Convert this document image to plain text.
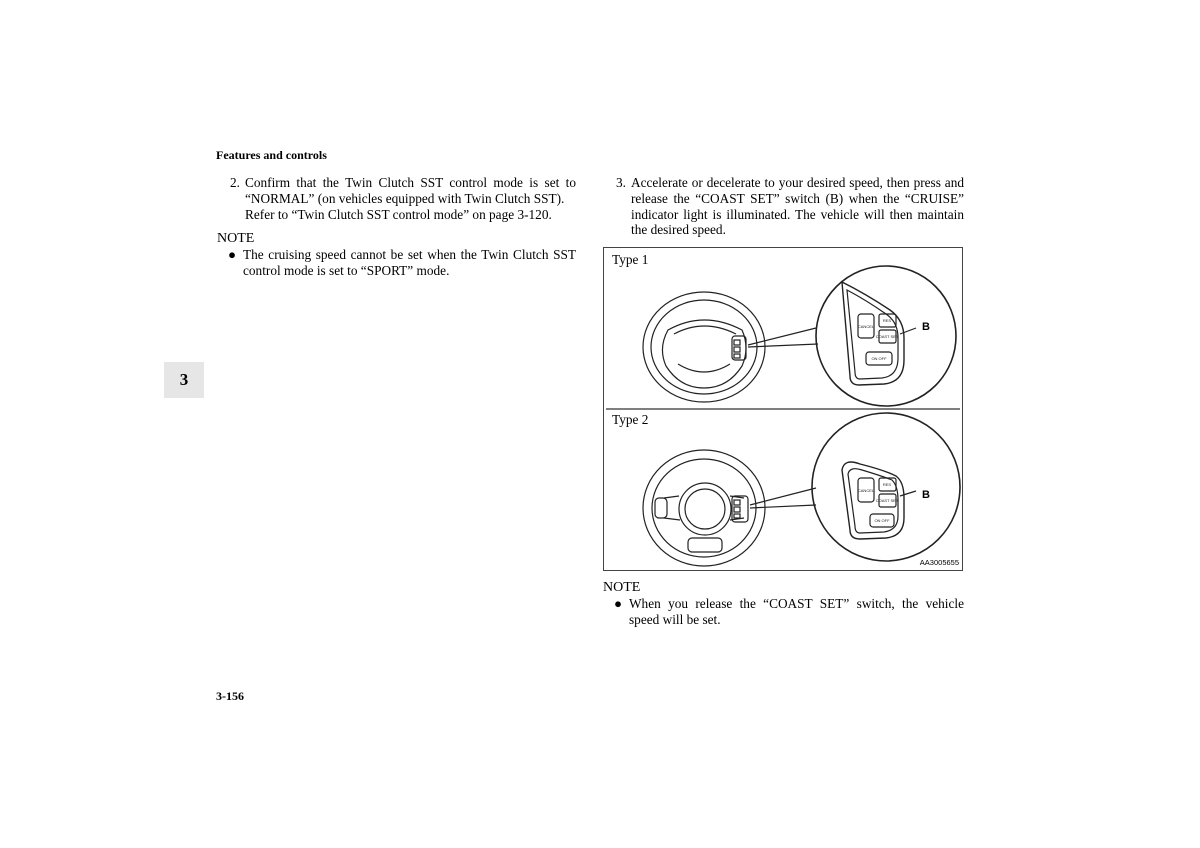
Features and controls
3
2. Confirm that the Twin Clutch SST control mode is set to “NORMAL” (on vehicles equipped with Twin Clutch SST).
Refer to “Twin Clutch SST control mode” on page 3-120.
NOTE
● The cruising speed cannot be set when the Twin Clutch SST control mode is set to “SPORT” mode.
3. Accelerate or decelerate to your desired speed, then press and release the “COAST SET” switch (B) when the “CRUISE” indicator light is illuminated. The vehicle will then maintain the desired speed.
CANCEL
RES
COAST SET
ON OFF
CANCEL
RES
COAST SET
ON OFF
B
B
Type 1
Type 2
AA3005655
NOTE
● When you release the “COAST SET” switch, the vehicle speed will be set.
3-156
